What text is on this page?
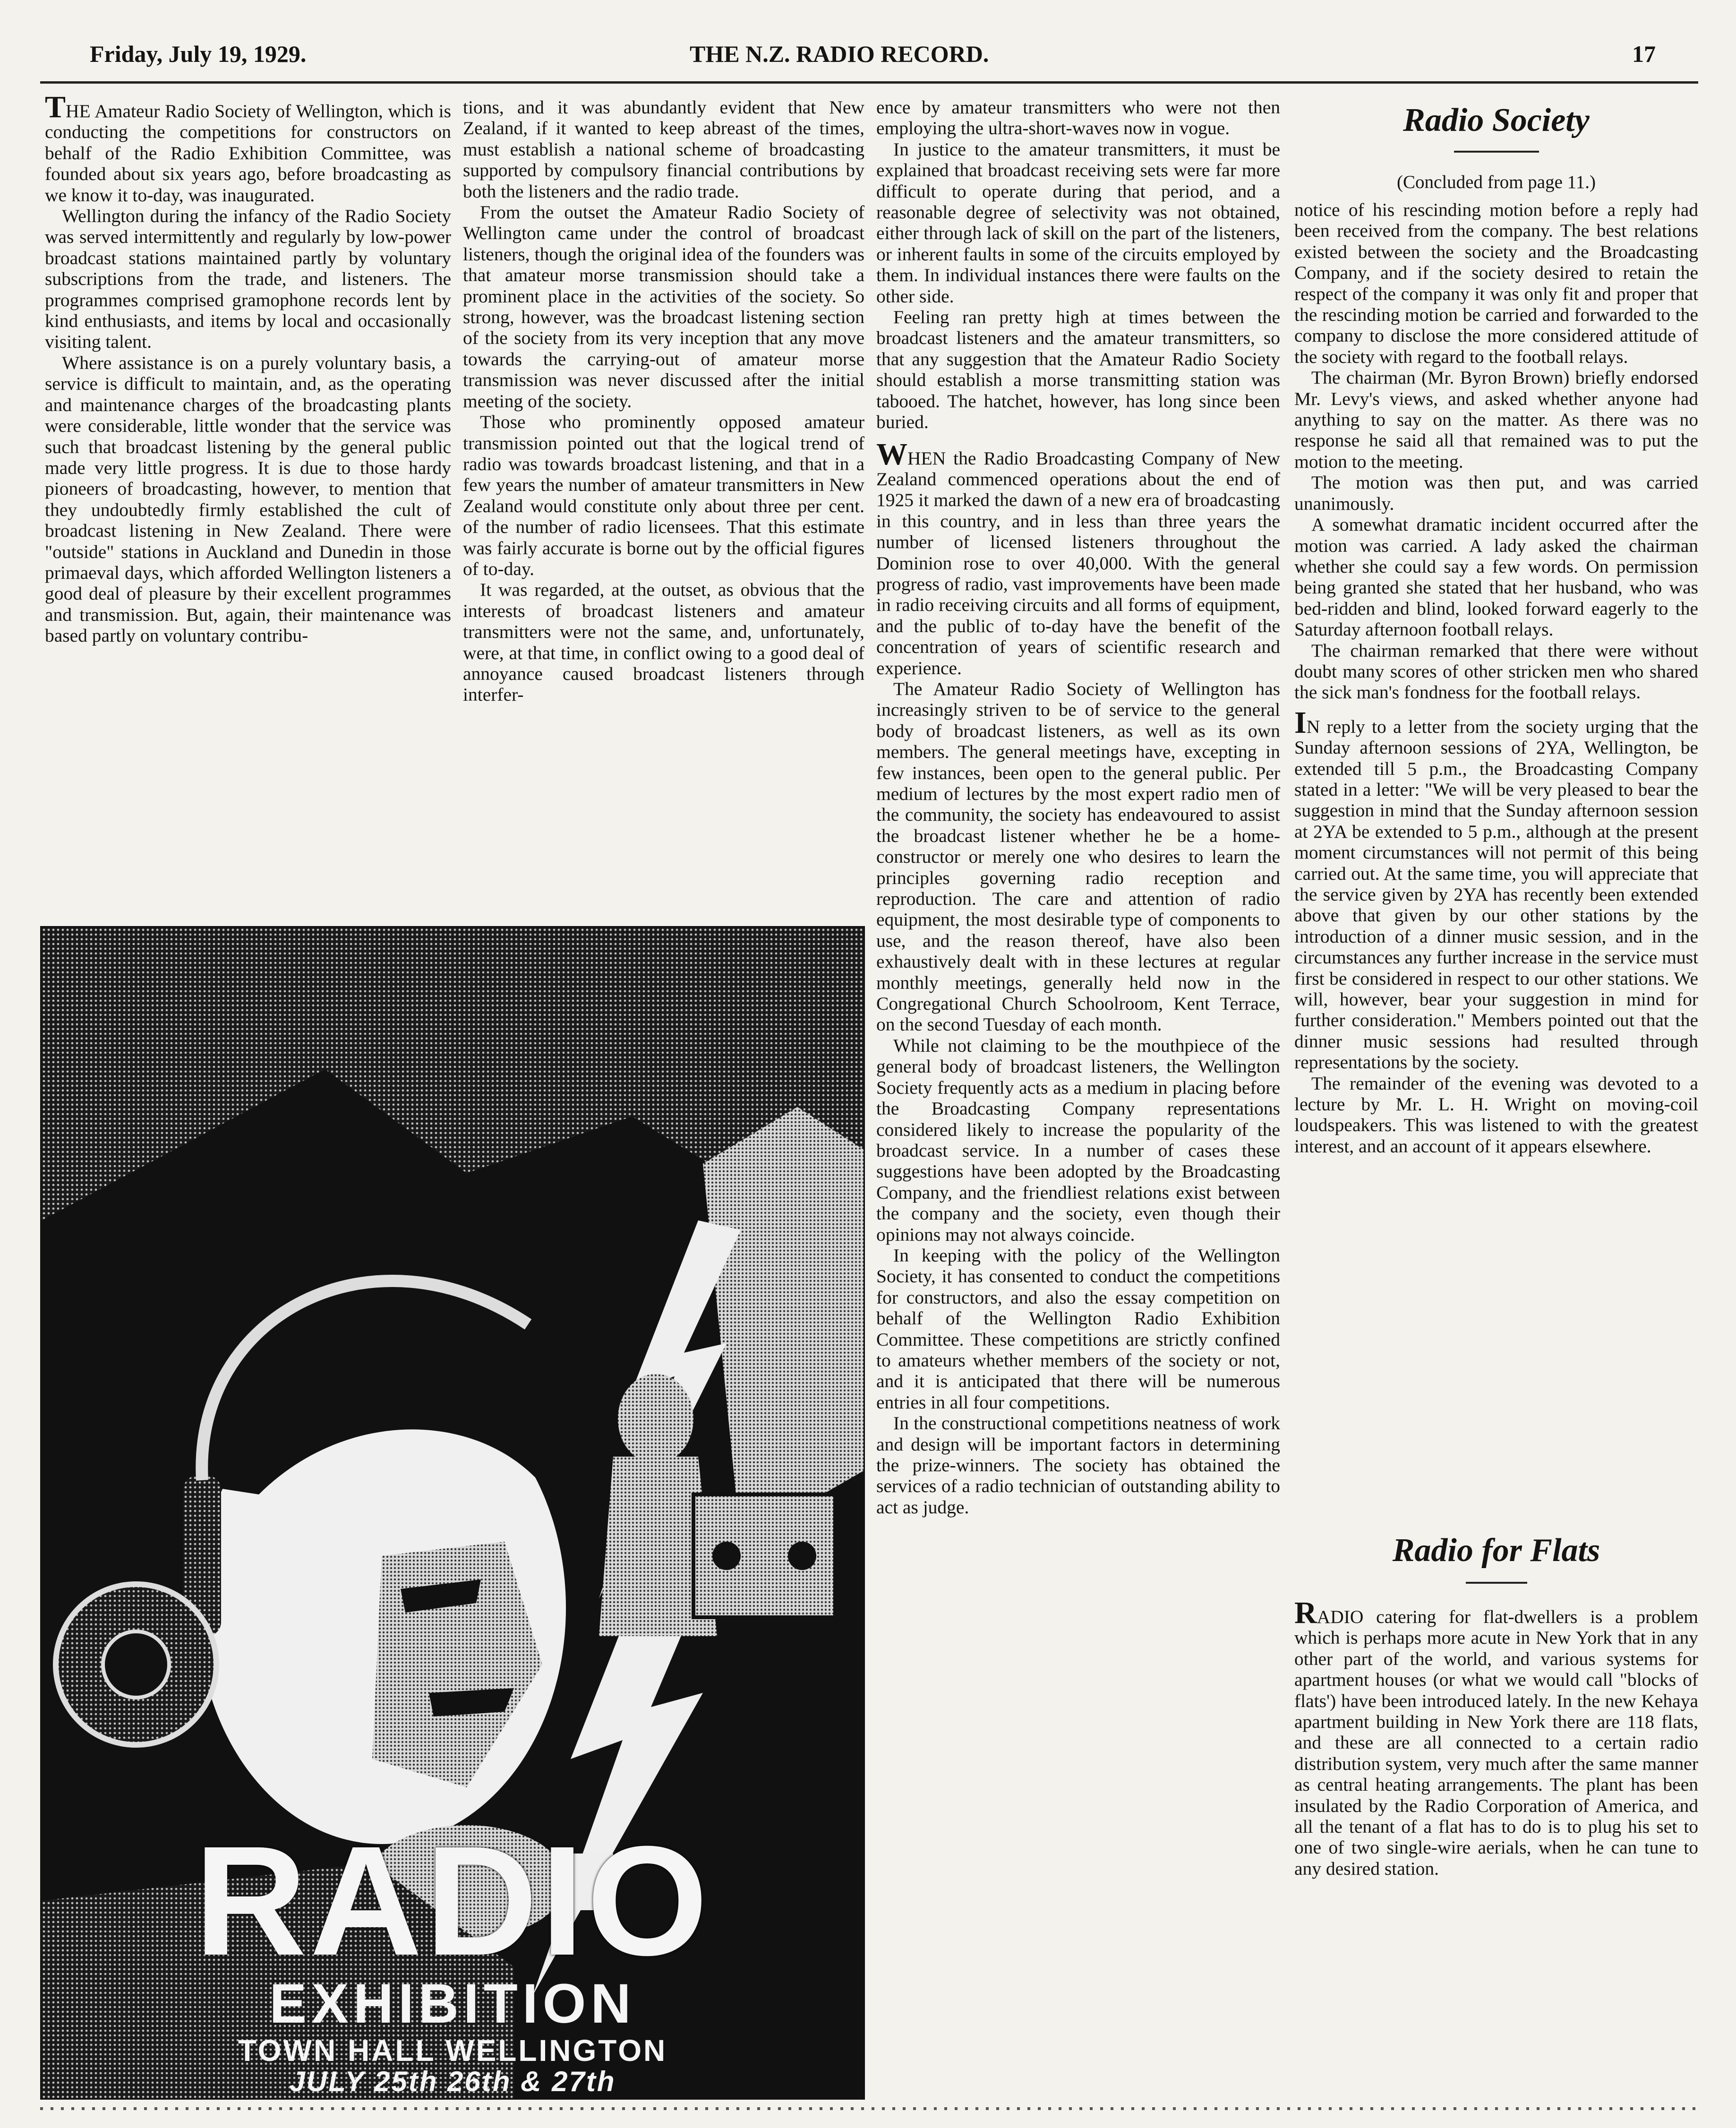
Friday, July 19, 1929.	THE N.Z. RADIO RECORD.	17

THE Amateur Radio Society of Wellington, which is conducting the competitions for constructors on behalf of the Radio Exhibition Committee, was founded about six years ago, before broadcasting as we know it to-day, was inaugurated.

Wellington during the infancy of the Radio Society was served intermittently and regularly by low-power broadcast stations maintained partly by voluntary subscriptions from the trade, and listeners. The programmes comprised gramophone records lent by kind enthusiasts, and items by local and occasionally visiting talent.

Where assistance is on a purely voluntary basis, a service is difficult to maintain, and, as the operating and maintenance charges of the broadcasting plants were considerable, little wonder that the service was such that broadcast listening by the general public made very little progress. It is due to those hardy pioneers of broadcasting, however, to mention that they undoubtedly firmly established the cult of broadcast listening in New Zealand. There were "outside" stations in Auckland and Dunedin in those primaeval days, which afforded Wellington listeners a good deal of pleasure by their excellent programmes and transmission. But, again, their maintenance was based partly on voluntary contribu-

tions, and it was abundantly evident that New Zealand, if it wanted to keep abreast of the times, must establish a national scheme of broadcasting supported by compulsory financial contributions by both the listeners and the radio trade.

From the outset the Amateur Radio Society of Wellington came under the control of broadcast listeners, though the original idea of the founders was that amateur morse transmission should take a prominent place in the activities of the society. So strong, however, was the broadcast listening section of the society from its very inception that any move towards the carrying-out of amateur morse transmission was never discussed after the initial meeting of the society.

Those who prominently opposed amateur transmission pointed out that the logical trend of radio was towards broadcast listening, and that in a few years the number of amateur transmitters in New Zealand would constitute only about three per cent. of the number of radio licensees. That this estimate was fairly accurate is borne out by the official figures of to-day.

It was regarded, at the outset, as obvious that the interests of broadcast listeners and amateur transmitters were not the same, and, unfortunately, were, at that time, in conflict owing to a good deal of annoyance caused broadcast listeners through interfer-

ence by amateur transmitters who were not then employing the ultra-short-waves now in vogue.

In justice to the amateur transmitters, it must be explained that broadcast receiving sets were far more difficult to operate during that period, and a reasonable degree of selectivity was not obtained, either through lack of skill on the part of the listeners, or inherent faults in some of the circuits employed by them. In individual instances there were faults on the other side.

Feeling ran pretty high at times between the broadcast listeners and the amateur transmitters, so that any suggestion that the Amateur Radio Society should establish a morse transmitting station was tabooed. The hatchet, however, has long since been buried.

WHEN the Radio Broadcasting Company of New Zealand commenced operations about the end of 1925 it marked the dawn of a new era of broadcasting in this country, and in less than three years the number of licensed listeners throughout the Dominion rose to over 40,000. With the general progress of radio, vast improvements have been made in radio receiving circuits and all forms of equipment, and the public of to-day have the benefit of the concentration of years of scientific research and experience.

The Amateur Radio Society of Wellington has increasingly striven to be of service to the general body of broadcast listeners, as well as its own members. The general meetings have, excepting in few instances, been open to the general public. Per medium of lectures by the most expert radio men of the community, the society has endeavoured to assist the broadcast listener whether he be a home-constructor or merely one who desires to learn the principles governing radio reception and reproduction. The care and attention of radio equipment, the most desirable type of components to use, and the reason thereof, have also been exhaustively dealt with in these lectures at regular monthly meetings, generally held now in the Congregational Church Schoolroom, Kent Terrace, on the second Tuesday of each month.

While not claiming to be the mouthpiece of the general body of broadcast listeners, the Wellington Society frequently acts as a medium in placing before the Broadcasting Company representations considered likely to increase the popularity of the broadcast service. In a number of cases these suggestions have been adopted by the Broadcasting Company, and the friendliest relations exist between the company and the society, even though their opinions may not always coincide.

In keeping with the policy of the Wellington Society, it has consented to conduct the competitions for constructors, and also the essay competition on behalf of the Wellington Radio Exhibition Committee. These competitions are strictly confined to amateurs whether members of the society or not, and it is anticipated that there will be numerous entries in all four competitions.

In the constructional competitions neatness of work and design will be important factors in determining the prize-winners. The society has obtained the services of a radio technician of outstanding ability to act as judge.

Radio Society
(Concluded from page 11.)

notice of his rescinding motion before a reply had been received from the company. The best relations existed between the society and the Broadcasting Company, and if the society desired to retain the respect of the company it was only fit and proper that the rescinding motion be carried and forwarded to the company to disclose the more considered attitude of the society with regard to the football relays.

The chairman (Mr. Byron Brown) briefly endorsed Mr. Levy's views, and asked whether anyone had anything to say on the matter. As there was no response he said all that remained was to put the motion to the meeting.

The motion was then put, and was carried unanimously.

A somewhat dramatic incident occurred after the motion was carried. A lady asked the chairman whether she could say a few words. On permission being granted she stated that her husband, who was bed-ridden and blind, looked forward eagerly to the Saturday afternoon football relays.

The chairman remarked that there were without doubt many scores of other stricken men who shared the sick man's fondness for the football relays.

IN reply to a letter from the society urging that the Sunday afternoon sessions of 2YA, Wellington, be extended till 5 p.m., the Broadcasting Company stated in a letter: "We will be very pleased to bear the suggestion in mind that the Sunday afternoon session at 2YA be extended to 5 p.m., although at the present moment circumstances will not permit of this being carried out. At the same time, you will appreciate that the service given by 2YA has recently been extended above that given by our other stations by the introduction of a dinner music session, and in the circumstances any further increase in the service must first be considered in respect to our other stations. We will, however, bear your suggestion in mind for further consideration." Members pointed out that the dinner music sessions had resulted through representations by the society.

The remainder of the evening was devoted to a lecture by Mr. L. H. Wright on moving-coil loudspeakers. This was listened to with the greatest interest, and an account of it appears elsewhere.

Radio for Flats

RADIO catering for flat-dwellers is a problem which is perhaps more acute in New York that in any other part of the world, and various systems for apartment houses (or what we would call "blocks of flats') have been introduced lately. In the new Kehaya apartment building in New York there are 118 flats, and these are all connected to a certain radio distribution system, very much after the same manner as central heating arrangements. The plant has been insulated by the Radio Corporation of America, and all the tenant of a flat has to do is to plug his set to one of two single-wire aerials, when he can tune to any desired station.

RADIO
EXHIBITION
TOWN HALL WELLINGTON
JULY 25th 26th & 27th
